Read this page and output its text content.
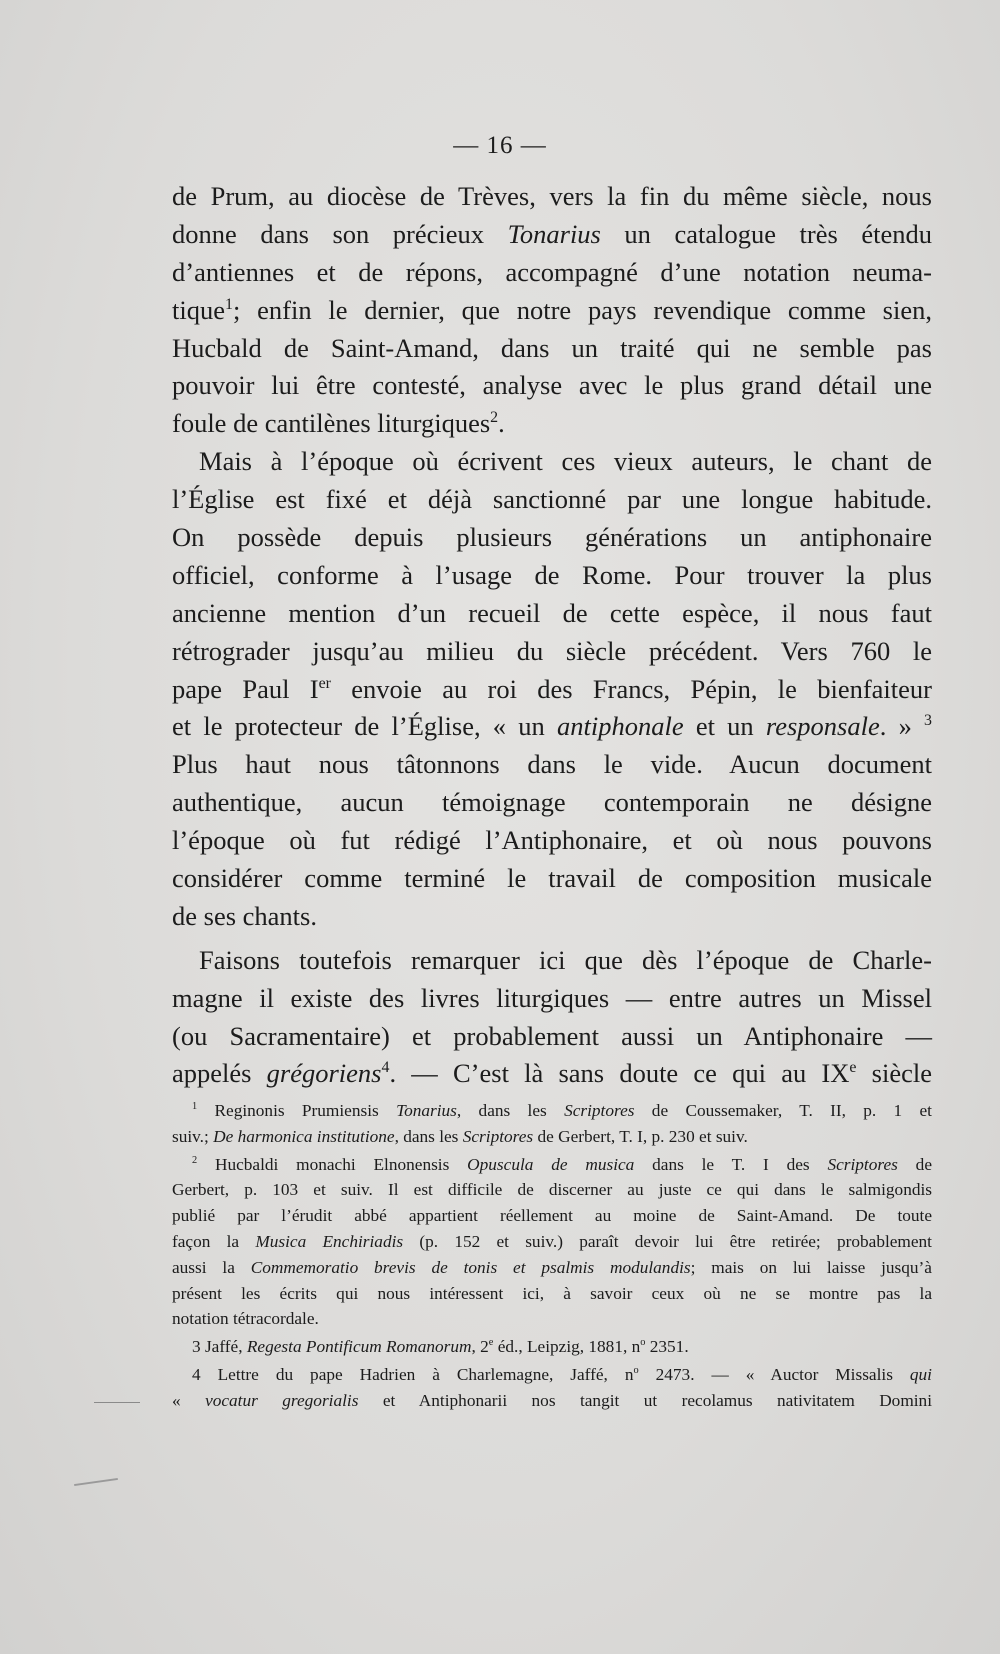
— 16 —
de Prum, au diocèse de Trèves, vers la fin du même siècle, nous
donne dans son précieux Tonarius un catalogue très étendu
d’antiennes et de répons, accompagné d’une notation neuma-
tique$^1$; enfin le dernier, que notre pays revendique comme sien,
Hucbald de Saint-Amand, dans un traité qui ne semble pas
pouvoir lui être contesté, analyse avec le plus grand détail une
foule de cantilènes liturgiques$^2$.
Mais à l’époque où écrivent ces vieux auteurs, le chant de
l’Église est fixé et déjà sanctionné par une longue habitude.
On possède depuis plusieurs générations un antiphonaire
officiel, conforme à l’usage de Rome. Pour trouver la plus
ancienne mention d’un recueil de cette espèce, il nous faut
rétrograder jusqu’au milieu du siècle précédent. Vers 760 le
pape Paul Ier envoie au roi des Francs, Pépin, le bienfaiteur
et le protecteur de l’Église, « un antiphonale et un responsale. » $^3$
Plus haut nous tâtonnons dans le vide. Aucun document
authentique, aucun témoignage contemporain ne désigne
l’époque où fut rédigé l’Antiphonaire, et où nous pouvons
considérer comme terminé le travail de composition musicale
de ses chants.
Faisons toutefois remarquer ici que dès l’époque de Charle-
magne il existe des livres liturgiques — entre autres un Missel
(ou Sacramentaire) et probablement aussi un Antiphonaire —
appelés grégoriens$^4$. — C’est là sans doute ce qui au IXe siècle
$^1$ Reginonis Prumiensis Tonarius, dans les Scriptores de Coussemaker, T. II, p. 1 et
suiv.; De harmonica institutione, dans les Scriptores de Gerbert, T. I, p. 230 et suiv.
$^2$ Hucbaldi monachi Elnonensis Opuscula de musica dans le T. I des Scriptores de
Gerbert, p. 103 et suiv. Il est difficile de discerner au juste ce qui dans le salmigondis
publié par l’érudit abbé appartient réellement au moine de Saint-Amand. De toute
façon la Musica Enchiriadis (p. 152 et suiv.) paraît devoir lui être retirée; probablement
aussi la Commemoratio brevis de tonis et psalmis modulandis; mais on lui laisse jusqu’à
présent les écrits qui nous intéressent ici, à savoir ceux où ne se montre pas la
notation tétracordale.
3 Jaffé, Regesta Pontificum Romanorum, 2e éd., Leipzig, 1881, $n^o$ 2351.
4 Lettre du pape Hadrien à Charlemagne, Jaffé, $n^o$ 2473. — « Auctor Missalis qui
« vocatur gregorialis et Antiphonarii nos tangit ut recolamus nativitatem Domini
